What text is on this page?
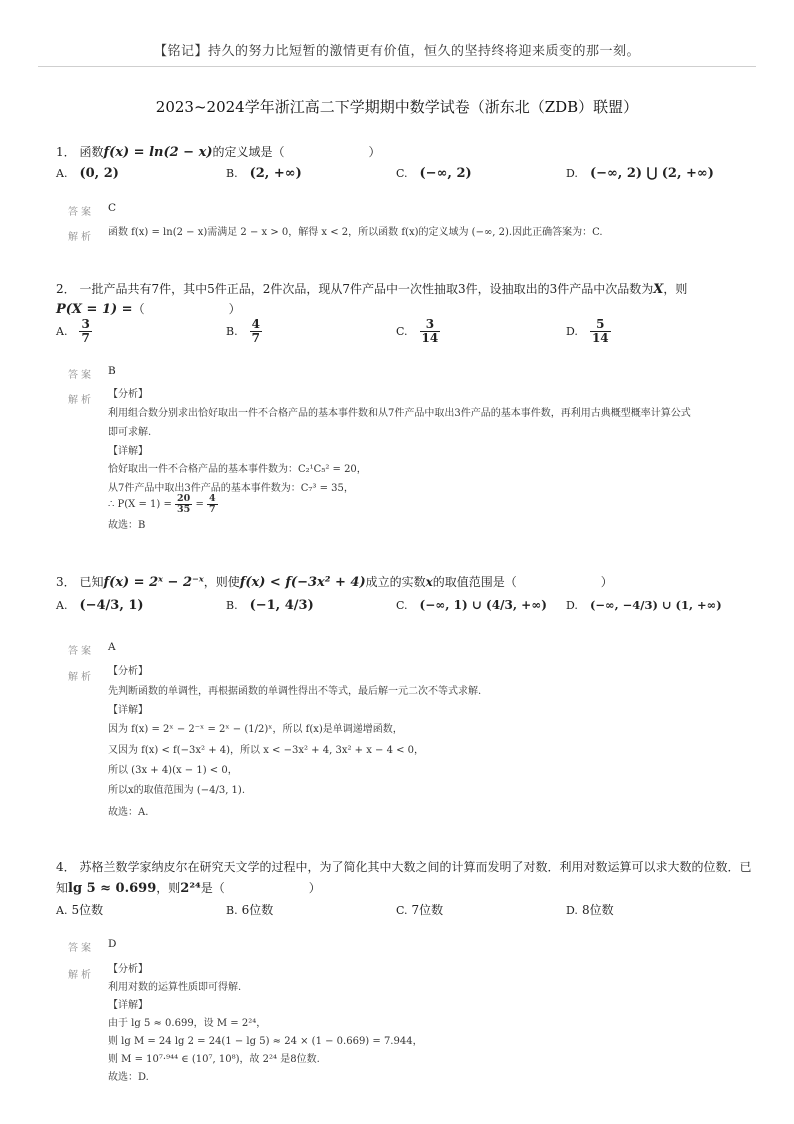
【铭记】持久的努力比短暂的激情更有价值，恒久的坚持终将迎来质变的那一刻。
2023~2024学年浙江高二下学期期中数学试卷（浙东北（ZDB）联盟）
1． 函数f(x) = ln(2 − x)的定义域是（	）
A. (0, 2)	B. (2, +∞)	C. (−∞, 2)	D. (−∞, 2) ⋃ (2, +∞)
答案 C
解析 函数 f(x) = ln(2 − x)需满足 2 − x > 0，解得 x < 2，所以函数 f(x)的定义域为 (−∞, 2).因此正确答案为：C.
2． 一批产品共有7件，其中5件正品，2件次品，现从7件产品中一次性抽取3件，设抽取出的3件产品中次品数为X，则
P(X = 1) =（	）
A. $\frac{3}{7}$	B. $\frac{4}{7}$	C. $\frac{3}{14}$	D. $\frac{5}{14}$
答案 B
解析
【分析】
利用组合数分别求出恰好取出一件不合格产品的基本事件数和从7件产品中取出3件产品的基本事件数，再利用古典概型概率计算公式
即可求解.
【详解】
恰好取出一件不合格产品的基本事件数为：C₂¹C₅² = 20，
从7件产品中取出3件产品的基本事件数为：C₇³ = 35，
∴ $P(X = 1) = \frac{20}{35} = \frac{4}{7}$
故选：B
3． 已知f(x) = 2ˣ − 2⁻ˣ，则使f(x) < f(−3x² + 4)成立的实数x的取值范围是（	）
A. (−4/3, 1)	B. (−1, 4/3)	C. (−∞, 1) ∪ (4/3, +∞) D. (−∞, −4/3) ∪ (1, +∞)
答案 A
解析
【分析】
先判断函数的单调性，再根据函数的单调性得出不等式，最后解一元二次不等式求解.
【详解】
因为 f(x) = 2ˣ − 2⁻ˣ = 2ˣ − (1/2)ˣ，所以 f(x)是单调递增函数，
又因为 f(x) < f(−3x² + 4)，所以 x < −3x² + 4, 3x² + x − 4 < 0，
所以 (3x + 4)(x − 1) < 0，
所以x的取值范围为 (−4/3, 1).
故选：A.
4． 苏格兰数学家纳皮尔在研究天文学的过程中，为了简化其中大数之间的计算而发明了对数．利用对数运算可以求大数的位数．已
知lg 5 ≈ 0.699，则2²⁴是（	）
A. 5位数	B. 6位数	C. 7位数	D. 8位数
答案 D
解析
【分析】
利用对数的运算性质即可得解.
【详解】
由于 lg 5 ≈ 0.699，设 M = 2²⁴，
则 lg M = 24 lg 2 = 24(1 − lg 5) ≈ 24 × (1 − 0.669) = 7.944，
则 M = 10⁷·⁹⁴⁴ ∈ (10⁷, 10⁸)，故 2²⁴ 是8位数.
故选：D.
